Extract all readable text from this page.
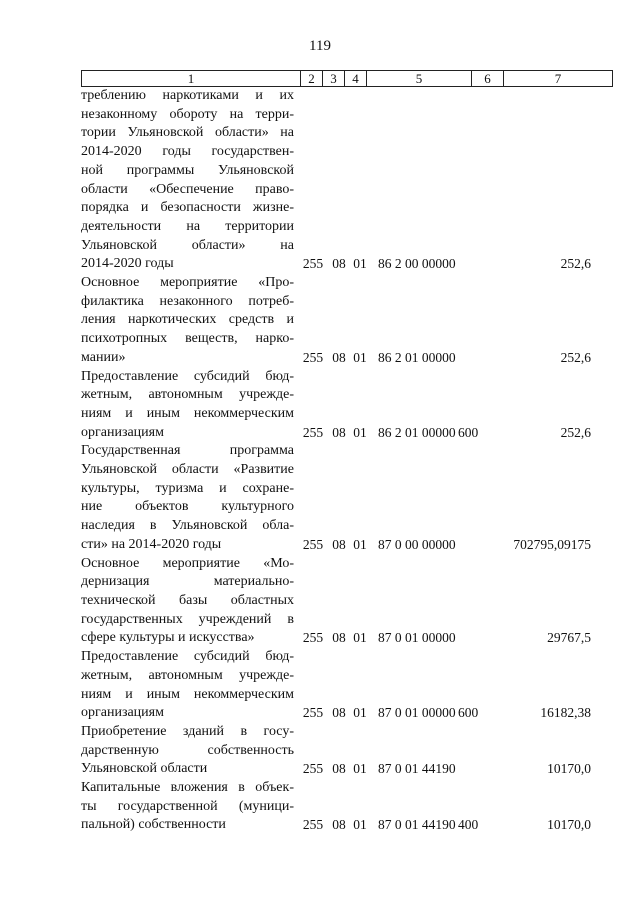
119
1	2	3	4	5	6	7
треблению наркотиками и их
незаконному обороту на терри-
тории Ульяновской области» на
2014-2020 годы государствен-
ной программы Ульяновской
области «Обеспечение право-
порядка и безопасности жизне-
деятельности на территории
Ульяновской области» на
2014-2020 годы	255 08 01 86 2 00 00000	252,6
Основное мероприятие «Про-
филактика незаконного потреб-
ления наркотических средств и
психотропных веществ, нарко-
мании»	255 08 01 86 2 01 00000	252,6
Предоставление субсидий бюд-
жетным, автономным учрежде-
ниям и иным некоммерческим
организациям	255 08 01 86 2 01 00000 600	252,6
Государственная программа
Ульяновской области «Развитие
культуры, туризма и сохране-
ние объектов культурного
наследия в Ульяновской обла-
сти» на 2014-2020 годы	255 08 01 87 0 00 00000	702795,09175
Основное мероприятие «Мо-
дернизация материально-
технической базы областных
государственных учреждений в
сфере культуры и искусства»	255 08 01 87 0 01 00000	29767,5
Предоставление субсидий бюд-
жетным, автономным учрежде-
ниям и иным некоммерческим
организациям	255 08 01 87 0 01 00000 600	16182,38
Приобретение зданий в госу-
дарственную собственность
Ульяновской области	255 08 01 87 0 01 44190	10170,0
Капитальные вложения в объек-
ты государственной (муници-
пальной) собственности	255 08 01 87 0 01 44190 400	10170,0
